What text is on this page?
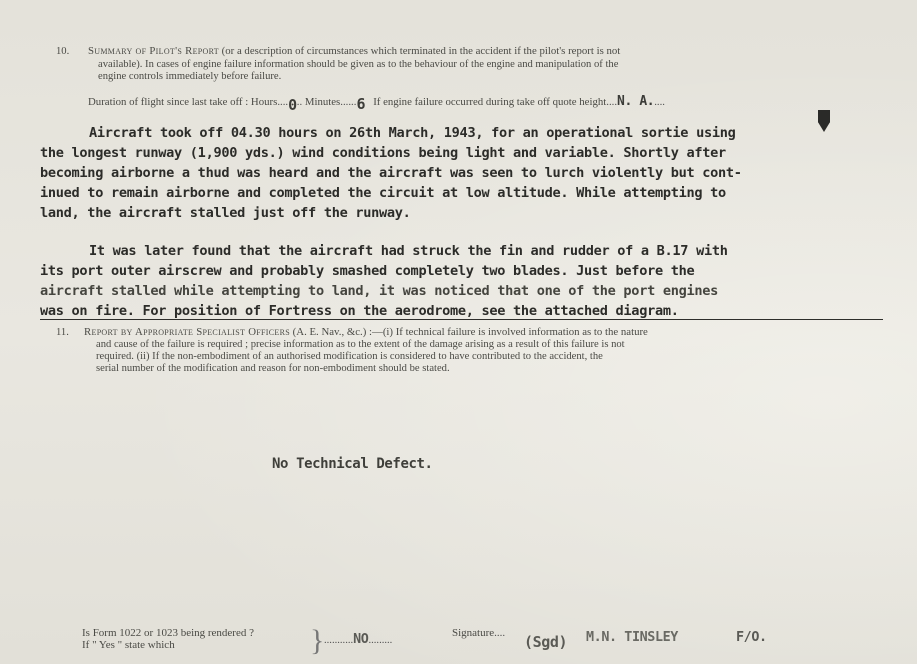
10. Summary of Pilot's Report (or a description of circumstances which terminated in the accident if the pilot's report is not
available). In cases of engine failure information should be given as to the behaviour of the engine and manipulation of the
engine controls immediately before failure.
Duration of flight since last take off : Hours....0.. Minutes......6 If engine failure occurred during take off quote height....N. A.....
Aircraft took off 04.30 hours on 26th March, 1943, for an operational sortie using
the longest runway (1,900 yds.) wind conditions being light and variable. Shortly after
becoming airborne a thud was heard and the aircraft was seen to lurch violently but cont-
inued to remain airborne and completed the circuit at low altitude. While attempting to
land, the aircraft stalled just off the runway.
It was later found that the aircraft had struck the fin and rudder of a B.17 with
its port outer airscrew and probably smashed completely two blades. Just before the
aircraft stalled while attempting to land, it was noticed that one of the port engines
was on fire. For position of Fortress on the aerodrome, see the attached diagram.
11. Report by Appropriate Specialist Officers (A. E. Nav., &c.) :—(i) If technical failure is involved information as to the nature
and cause of the failure is required ; precise information as to the extent of the damage arising as a result of this failure is not
required. (ii) If the non-embodiment of an authorised modification is considered to have contributed to the accident, the
serial number of the modification and reason for non-embodiment should be stated.
No Technical Defect.
Is Form 1022 or 1023 being rendered ?
If " Yes " state which	} ...........NO.........
Signature.... (Sgd) M.N. TINSLEY	F/O.
